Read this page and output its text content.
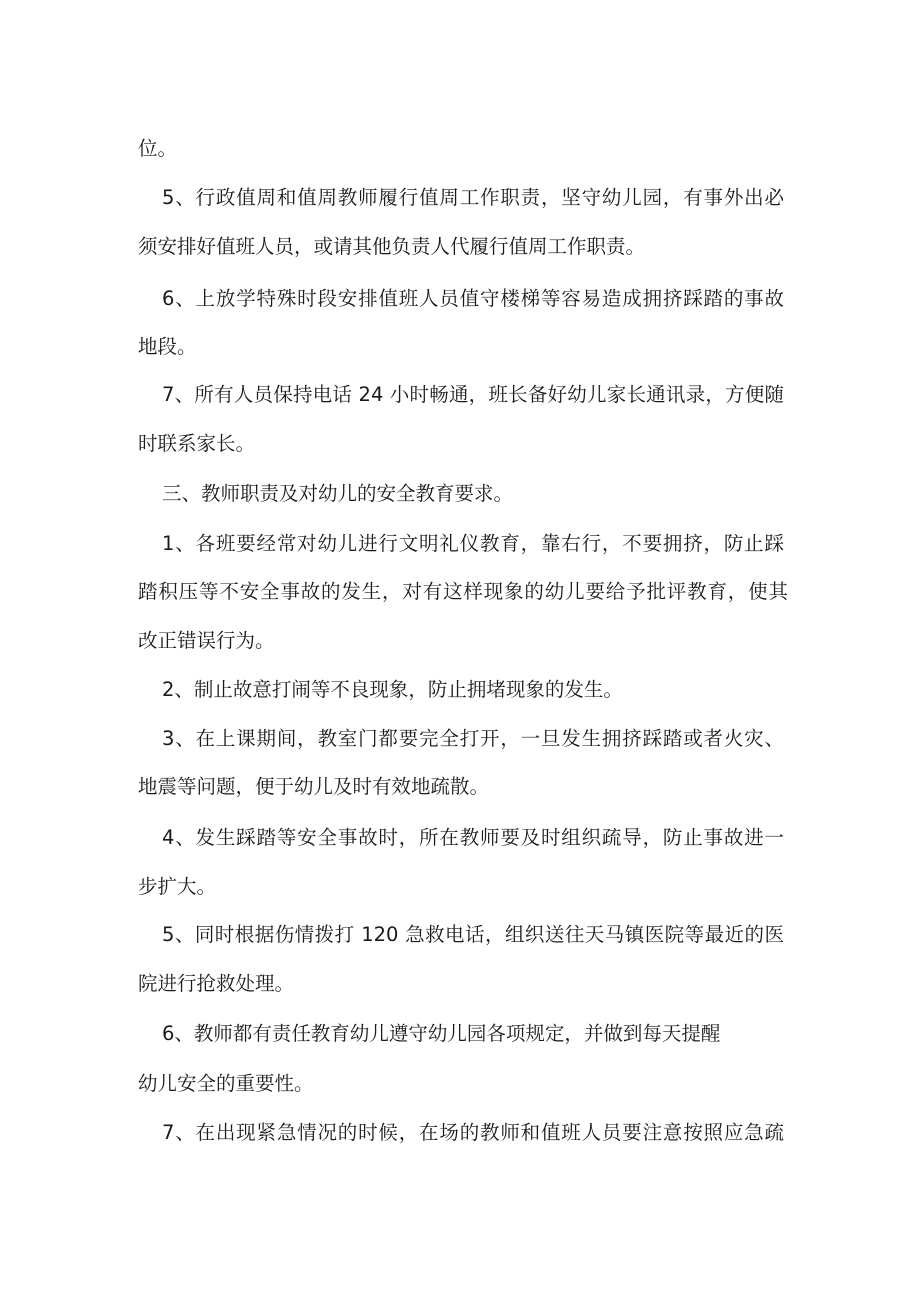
位。
5、行政值周和值周教师履行值周工作职责，坚守幼儿园，有事外出必
须安排好值班人员，或请其他负责人代履行值周工作职责。
6、上放学特殊时段安排值班人员值守楼梯等容易造成拥挤踩踏的事故
地段。
7、所有人员保持电话 24 小时畅通，班长备好幼儿家长通讯录，方便随
时联系家长。
三、教师职责及对幼儿的安全教育要求。
1、各班要经常对幼儿进行文明礼仪教育，靠右行，不要拥挤，防止踩
踏积压等不安全事故的发生，对有这样现象的幼儿要给予批评教育，使其
改正错误行为。
2、制止故意打闹等不良现象，防止拥堵现象的发生。
3、在上课期间，教室门都要完全打开，一旦发生拥挤踩踏或者火灾、
地震等问题，便于幼儿及时有效地疏散。
4、发生踩踏等安全事故时，所在教师要及时组织疏导，防止事故进一
步扩大。
5、同时根据伤情拨打 120 急救电话，组织送往天马镇医院等最近的医
院进行抢救处理。
6、教师都有责任教育幼儿遵守幼儿园各项规定，并做到每天提醒
幼儿安全的重要性。
7、在出现紧急情况的时候，在场的教师和值班人员要注意按照应急疏
